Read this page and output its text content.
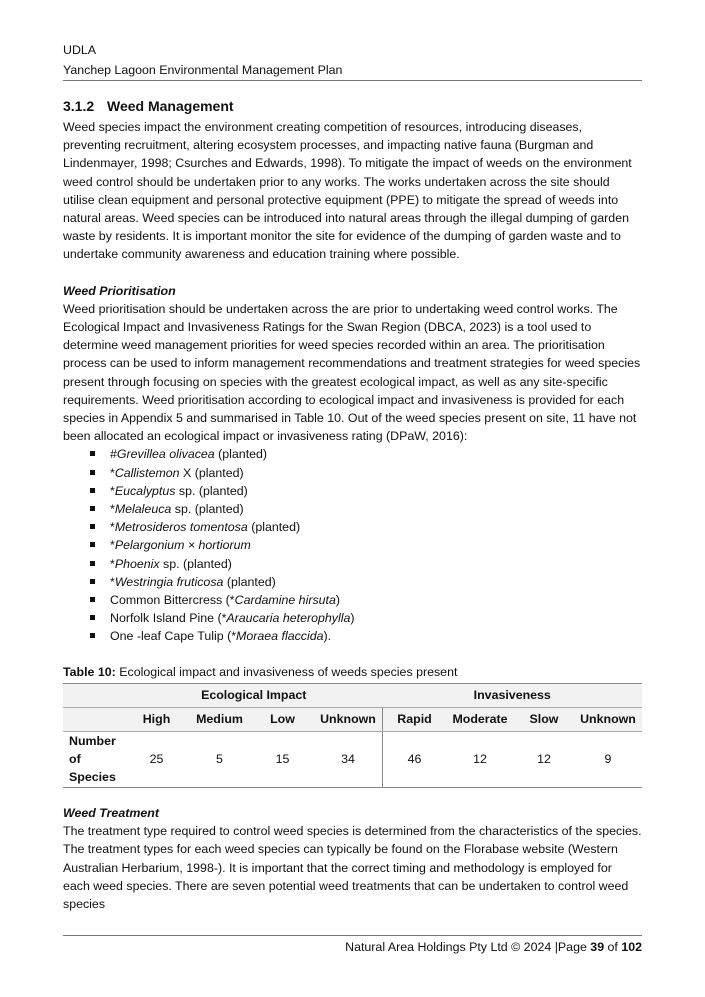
UDLA
Yanchep Lagoon Environmental Management Plan
3.1.2 Weed Management

Weed species impact the environment creating competition of resources, introducing diseases, preventing recruitment, altering ecosystem processes, and impacting native fauna (Burgman and Lindenmayer, 1998; Csurches and Edwards, 1998). To mitigate the impact of weeds on the environment weed control should be undertaken prior to any works. The works undertaken across the site should utilise clean equipment and personal protective equipment (PPE) to mitigate the spread of weeds into natural areas. Weed species can be introduced into natural areas through the illegal dumping of garden waste by residents. It is important monitor the site for evidence of the dumping of garden waste and to undertake community awareness and education training where possible.

Weed Prioritisation

Weed prioritisation should be undertaken across the are prior to undertaking weed control works. The Ecological Impact and Invasiveness Ratings for the Swan Region (DBCA, 2023) is a tool used to determine weed management priorities for weed species recorded within an area. The prioritisation process can be used to inform management recommendations and treatment strategies for weed species present through focusing on species with the greatest ecological impact, as well as any site-specific requirements. Weed prioritisation according to ecological impact and invasiveness is provided for each species in Appendix 5 and summarised in Table 10. Out of the weed species present on site, 11 have not been allocated an ecological impact or invasiveness rating (DPaW, 2016):

#Grevillea olivacea (planted)
*Callistemon X (planted)
*Eucalyptus sp. (planted)
*Melaleuca sp. (planted)
*Metrosideros tomentosa (planted)
*Pelargonium × hortiorum
*Phoenix sp. (planted)
*Westringia fruticosa (planted)
Common Bittercress (*Cardamine hirsuta)
Norfolk Island Pine (*Araucaria heterophylla)
One -leaf Cape Tulip (*Moraea flaccida).

Table 10: Ecological impact and invasiveness of weeds species present

	Ecological Impact				Invasiveness			
	High	Medium	Low	Unknown	Rapid	Moderate	Slow	Unknown
Number
of
Species	25	5	15	34	46	12	12	9

Weed Treatment

The treatment type required to control weed species is determined from the characteristics of the species. The treatment types for each weed species can typically be found on the Florabase website (Western Australian Herbarium, 1998-). It is important that the correct timing and methodology is employed for each weed species. There are seven potential weed treatments that can be undertaken to control weed species

Natural Area Holdings Pty Ltd © 2024 |Page 39 of 102
